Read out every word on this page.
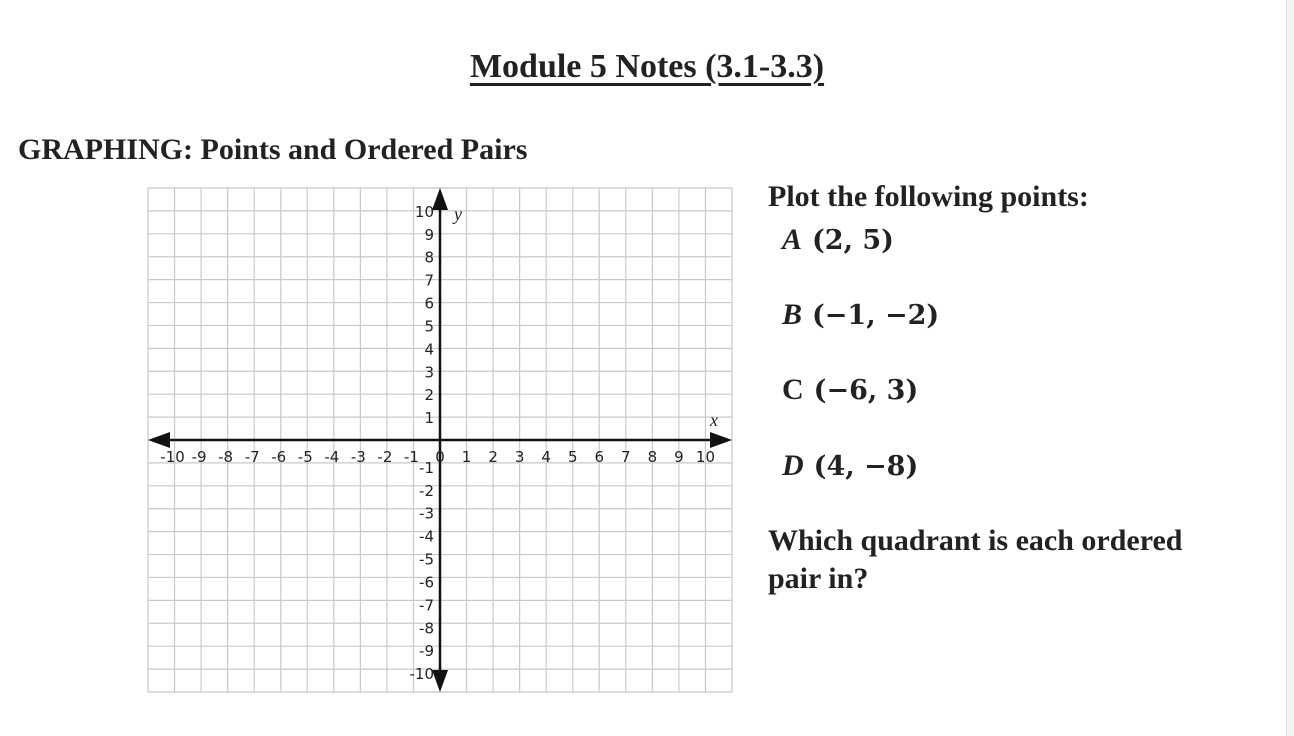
Module 5 Notes (3.1-3.3)
GRAPHING: Points and Ordered Pairs
-10 -9 -8 -7 -6 -5 -4 -3 -2 -1 0 1 2 3 4 5 6 7 8 9 10
10
9
8
7
6
5
4
3
2
1
-1
-2
-3
-4
-5
-6
-7
-8
-9
-10
y
x
Plot the following points:
A (2, 5)
B (−1, −2)
C (−6, 3)
D (4, −8)
Which quadrant is each ordered pair in?
